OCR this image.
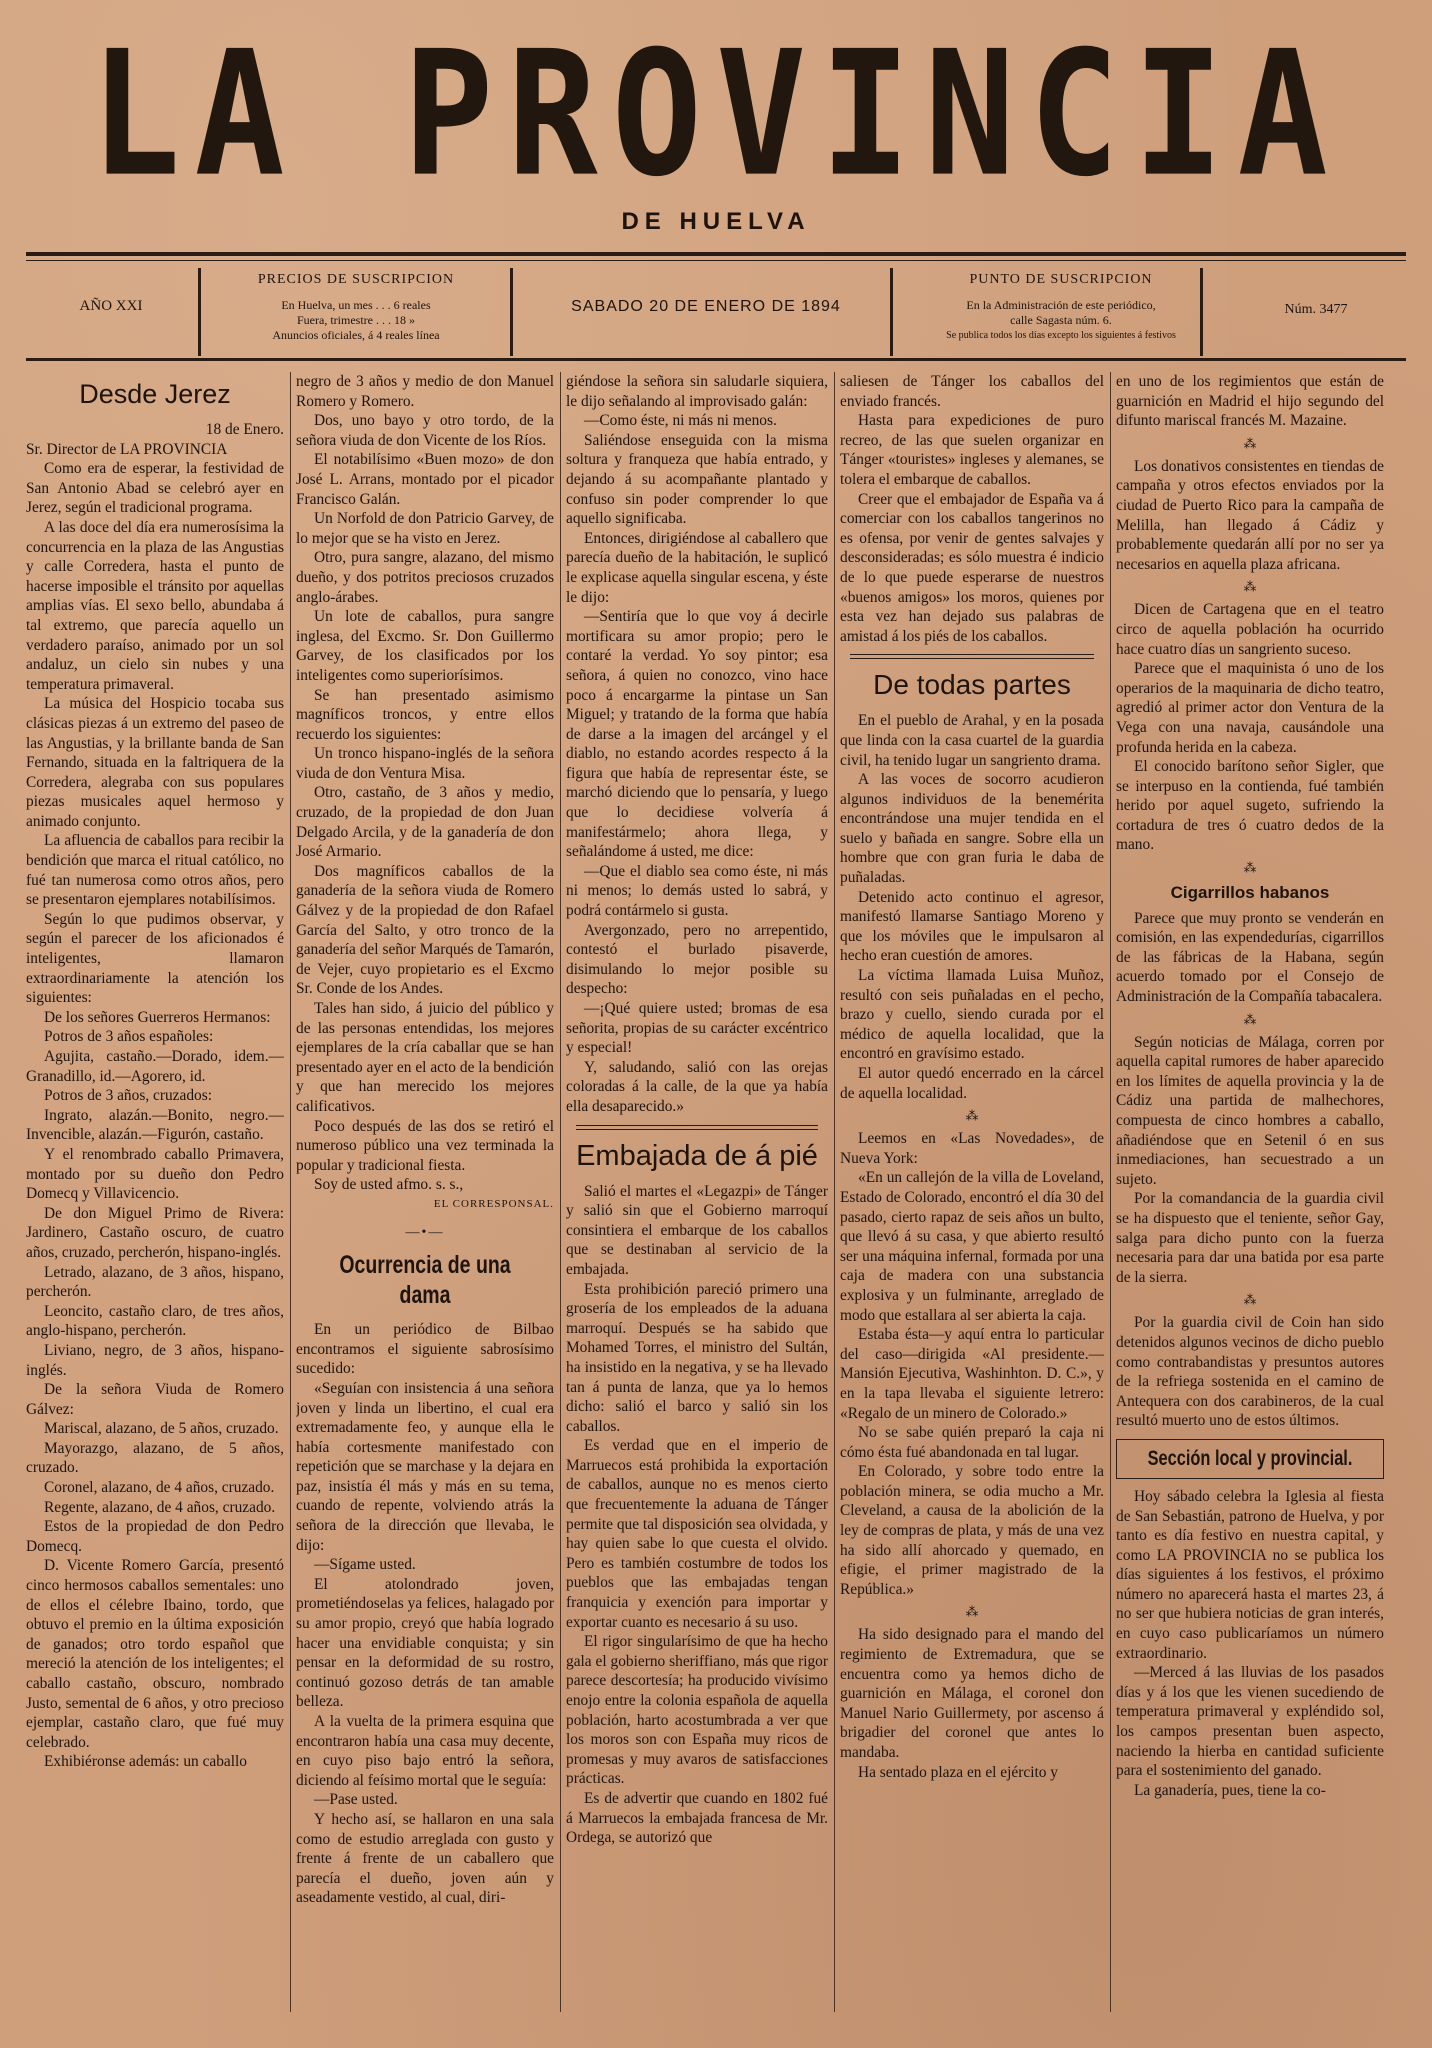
LA PROVINCIA
DE HUELVA
AÑO XXI
PRECIOS DE SUSCRIPCION
En Huelva, un mes . . . 6 reales
Fuera, trimestre . . . 18 »
Anuncios oficiales, á 4 reales línea
SABADO 20 DE ENERO DE 1894
PUNTO DE SUSCRIPCION
En la Administración de este periódico,
calle Sagasta núm. 6.
Se publica todos los días excepto los siguientes á festivos
Núm. 3477
Desde Jerez

18 de Enero.

Sr. Director de LA PROVINCIA

Como era de esperar, la festividad de San Antonio Abad se celebró ayer en Jerez, según el tradicional programa.

A las doce del día era numerosísima la concurrencia en la plaza de las Angustias y calle Corredera, hasta el punto de hacerse imposible el tránsito por aquellas amplias vías. El sexo bello, abundaba á tal extremo, que parecía aquello un verdadero paraíso, animado por un sol andaluz, un cielo sin nubes y una temperatura primaveral.

La música del Hospicio tocaba sus clásicas piezas á un extremo del paseo de las Angustias, y la brillante banda de San Fernando, situada en la faltriquera de la Corredera, alegraba con sus populares piezas musicales aquel hermoso y animado conjunto.

La afluencia de caballos para recibir la bendición que marca el ritual católico, no fué tan numerosa como otros años, pero se presentaron ejemplares notabilísimos.

Según lo que pudimos observar, y según el parecer de los aficionados é inteligentes, llamaron extraordinariamente la atención los siguientes:

De los señores Guerreros Hermanos:

Potros de 3 años españoles:

Agujita, castaño.—Dorado, idem.—Granadillo, id.—Agorero, id.

Potros de 3 años, cruzados:

Ingrato, alazán.—Bonito, negro.—Invencible, alazán.—Figurón, castaño.

Y el renombrado caballo Primavera, montado por su dueño don Pedro Domecq y Villavicencio.

De don Miguel Primo de Rivera: Jardinero, Castaño oscuro, de cuatro años, cruzado, percherón, hispano-inglés.

Letrado, alazano, de 3 años, hispano, percherón.

Leoncito, castaño claro, de tres años, anglo-hispano, percherón.

Liviano, negro, de 3 años, hispano-inglés.

De la señora Viuda de Romero Gálvez:

Mariscal, alazano, de 5 años, cruzado.

Mayorazgo, alazano, de 5 años, cruzado.

Coronel, alazano, de 4 años, cruzado.

Regente, alazano, de 4 años, cruzado.

Estos de la propiedad de don Pedro Domecq.

D. Vicente Romero García, presentó cinco hermosos caballos sementales: uno de ellos el célebre Ibaino, tordo, que obtuvo el premio en la última exposición de ganados; otro tordo español que mereció la atención de los inteligentes; el caballo castaño, obscuro, nombrado Justo, semental de 6 años, y otro precioso ejemplar, castaño claro, que fué muy celebrado.

Exhibiéronse además: un caballo

negro de 3 años y medio de don Manuel Romero y Romero.

Dos, uno bayo y otro tordo, de la señora viuda de don Vicente de los Ríos.

El notabilísimo «Buen mozo» de don José L. Arrans, montado por el picador Francisco Galán.

Un Norfold de don Patricio Garvey, de lo mejor que se ha visto en Jerez.

Otro, pura sangre, alazano, del mismo dueño, y dos potritos preciosos cruzados anglo-árabes.

Un lote de caballos, pura sangre inglesa, del Excmo. Sr. Don Guillermo Garvey, de los clasificados por los inteligentes como superiorísimos.

Se han presentado asimismo magníficos troncos, y entre ellos recuerdo los siguientes:

Un tronco hispano-inglés de la señora viuda de don Ventura Misa.

Otro, castaño, de 3 años y medio, cruzado, de la propiedad de don Juan Delgado Arcila, y de la ganadería de don José Armario.

Dos magníficos caballos de la ganadería de la señora viuda de Romero Gálvez y de la propiedad de don Rafael García del Salto, y otro tronco de la ganadería del señor Marqués de Tamarón, de Vejer, cuyo propietario es el Excmo Sr. Conde de los Andes.

Tales han sido, á juicio del público y de las personas entendidas, los mejores ejemplares de la cría caballar que se han presentado ayer en el acto de la bendición y que han merecido los mejores calificativos.

Poco después de las dos se retiró el numeroso público una vez terminada la popular y tradicional fiesta.

Soy de usted afmo. s. s.,

EL CORRESPONSAL.

—•—
Ocurrencia de una dama

En un periódico de Bilbao encontramos el siguiente sabrosísimo sucedido:

«Seguían con insistencia á una señora joven y linda un libertino, el cual era extremadamente feo, y aunque ella le había cortesmente manifestado con repetición que se marchase y la dejara en paz, insistía él más y más en su tema, cuando de repente, volviendo atrás la señora de la dirección que llevaba, le dijo:

—Sígame usted.

El atolondrado joven, prometiéndoselas ya felices, halagado por su amor propio, creyó que había logrado hacer una envidiable conquista; y sin pensar en la deformidad de su rostro, continuó gozoso detrás de tan amable belleza.

A la vuelta de la primera esquina que encontraron había una casa muy decente, en cuyo piso bajo entró la señora, diciendo al feísimo mortal que le seguía:

—Pase usted.

Y hecho así, se hallaron en una sala como de estudio arreglada con gusto y frente á frente de un caballero que parecía el dueño, joven aún y aseadamente vestido, al cual, diri-

giéndose la señora sin saludarle siquiera, le dijo señalando al improvisado galán:

—Como éste, ni más ni menos.

Saliéndose enseguida con la misma soltura y franqueza que había entrado, y dejando á su acompañante plantado y confuso sin poder comprender lo que aquello significaba.

Entonces, dirigiéndose al caballero que parecía dueño de la habitación, le suplicó le explicase aquella singular escena, y éste le dijo:

—Sentiría que lo que voy á decirle mortificara su amor propio; pero le contaré la verdad. Yo soy pintor; esa señora, á quien no conozco, vino hace poco á encargarme la pintase un San Miguel; y tratando de la forma que había de darse a la imagen del arcángel y el diablo, no estando acordes respecto á la figura que había de representar éste, se marchó diciendo que lo pensaría, y luego que lo decidiese volvería á manifestármelo; ahora llega, y señalándome á usted, me dice:

—Que el diablo sea como éste, ni más ni menos; lo demás usted lo sabrá, y podrá contármelo si gusta.

Avergonzado, pero no arrepentido, contestó el burlado pisaverde, disimulando lo mejor posible su despecho:

—¡Qué quiere usted; bromas de esa señorita, propias de su carácter excéntrico y especial!

Y, saludando, salió con las orejas coloradas á la calle, de la que ya había ella desaparecido.»

Embajada de á pié

Salió el martes el «Legazpi» de Tánger y salió sin que el Gobierno marroquí consintiera el embarque de los caballos que se destinaban al servicio de la embajada.

Esta prohibición pareció primero una grosería de los empleados de la aduana marroquí. Después se ha sabido que Mohamed Torres, el ministro del Sultán, ha insistido en la negativa, y se ha llevado tan á punta de lanza, que ya lo hemos dicho: salió el barco y salió sin los caballos.

Es verdad que en el imperio de Marruecos está prohibida la exportación de caballos, aunque no es menos cierto que frecuentemente la aduana de Tánger permite que tal disposición sea olvidada, y hay quien sabe lo que cuesta el olvido. Pero es también costumbre de todos los pueblos que las embajadas tengan franquicia y exención para importar y exportar cuanto es necesario á su uso.

El rigor singularísimo de que ha hecho gala el gobierno sheriffiano, más que rigor parece descortesía; ha producido vivísimo enojo entre la colonia española de aquella población, harto acostumbrada a ver que los moros son con España muy ricos de promesas y muy avaros de satisfacciones prácticas.

Es de advertir que cuando en 1802 fué á Marruecos la embajada francesa de Mr. Ordega, se autorizó que

saliesen de Tánger los caballos del enviado francés.

Hasta para expediciones de puro recreo, de las que suelen organizar en Tánger «touristes» ingleses y alemanes, se tolera el embarque de caballos.

Creer que el embajador de España va á comerciar con los caballos tangerinos no es ofensa, por venir de gentes salvajes y desconsideradas; es sólo muestra é indicio de lo que puede esperarse de nuestros «buenos amigos» los moros, quienes por esta vez han dejado sus palabras de amistad á los piés de los caballos.

De todas partes

En el pueblo de Arahal, y en la posada que linda con la casa cuartel de la guardia civil, ha tenido lugar un sangriento drama.

A las voces de socorro acudieron algunos individuos de la benemérita encontrándose una mujer tendida en el suelo y bañada en sangre. Sobre ella un hombre que con gran furia le daba de puñaladas.

Detenido acto continuo el agresor, manifestó llamarse Santiago Moreno y que los móviles que le impulsaron al hecho eran cuestión de amores.

La víctima llamada Luisa Muñoz, resultó con seis puñaladas en el pecho, brazo y cuello, siendo curada por el médico de aquella localidad, que la encontró en gravísimo estado.

El autor quedó encerrado en la cárcel de aquella localidad.

⁂

Leemos en «Las Novedades», de Nueva York:

«En un callejón de la villa de Loveland, Estado de Colorado, encontró el día 30 del pasado, cierto rapaz de seis años un bulto, que llevó á su casa, y que abierto resultó ser una máquina infernal, formada por una caja de madera con una substancia explosiva y un fulminante, arreglado de modo que estallara al ser abierta la caja.

Estaba ésta—y aquí entra lo particular del caso—dirigida «Al presidente.—Mansión Ejecutiva, Washinhton. D. C.», y en la tapa llevaba el siguiente letrero: «Regalo de un minero de Colorado.»

No se sabe quién preparó la caja ni cómo ésta fué abandonada en tal lugar.

En Colorado, y sobre todo entre la población minera, se odia mucho a Mr. Cleveland, a causa de la abolición de la ley de compras de plata, y más de una vez ha sido allí ahorcado y quemado, en efigie, el primer magistrado de la República.»

⁂

Ha sido designado para el mando del regimiento de Extremadura, que se encuentra como ya hemos dicho de guarnición en Málaga, el coronel don Manuel Nario Guillermety, por ascenso á brigadier del coronel que antes lo mandaba.

Ha sentado plaza en el ejército y

en uno de los regimientos que están de guarnición en Madrid el hijo segundo del difunto mariscal francés M. Mazaine.

⁂

Los donativos consistentes en tiendas de campaña y otros efectos enviados por la ciudad de Puerto Rico para la campaña de Melilla, han llegado á Cádiz y probablemente quedarán allí por no ser ya necesarios en aquella plaza africana.

⁂

Dicen de Cartagena que en el teatro circo de aquella población ha ocurrido hace cuatro días un sangriento suceso.

Parece que el maquinista ó uno de los operarios de la maquinaria de dicho teatro, agredió al primer actor don Ventura de la Vega con una navaja, causándole una profunda herida en la cabeza.

El conocido barítono señor Sigler, que se interpuso en la contienda, fué también herido por aquel sugeto, sufriendo la cortadura de tres ó cuatro dedos de la mano.

⁂
Cigarrillos habanos

Parece que muy pronto se venderán en comisión, en las expendedurías, cigarrillos de las fábricas de la Habana, según acuerdo tomado por el Consejo de Administración de la Compañía tabacalera.

⁂

Según noticias de Málaga, corren por aquella capital rumores de haber aparecido en los límites de aquella provincia y la de Cádiz una partida de malhechores, compuesta de cinco hombres a caballo, añadiéndose que en Setenil ó en sus inmediaciones, han secuestrado a un sujeto.

Por la comandancia de la guardia civil se ha dispuesto que el teniente, señor Gay, salga para dicho punto con la fuerza necesaria para dar una batida por esa parte de la sierra.

⁂

Por la guardia civil de Coin han sido detenidos algunos vecinos de dicho pueblo como contrabandistas y presuntos autores de la refriega sostenida en el camino de Antequera con dos carabineros, de la cual resultó muerto uno de estos últimos.

Sección local y provincial.

Hoy sábado celebra la Iglesia al fiesta de San Sebastián, patrono de Huelva, y por tanto es día festivo en nuestra capital, y como LA PROVINCIA no se publica los días siguientes á los festivos, el próximo número no aparecerá hasta el martes 23, á no ser que hubiera noticias de gran interés, en cuyo caso publicaríamos un número extraordinario.

—Merced á las lluvias de los pasados días y á los que les vienen sucediendo de temperatura primaveral y expléndido sol, los campos presentan buen aspecto, naciendo la hierba en cantidad suficiente para el sostenimiento del ganado.

La ganadería, pues, tiene la co-
